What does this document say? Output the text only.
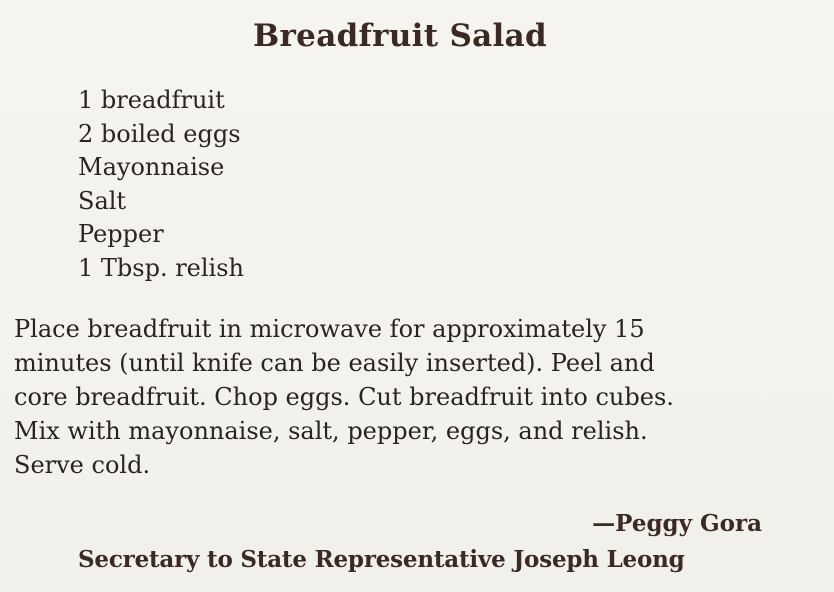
Breadfruit Salad
1 breadfruit
2 boiled eggs
Mayonnaise
Salt
Pepper
1 Tbsp. relish

Place breadfruit in microwave for approximately 15
minutes (until knife can be easily inserted). Peel and
core breadfruit. Chop eggs. Cut breadfruit into cubes.
Mix with mayonnaise, salt, pepper, eggs, and relish.
Serve cold.

—Peggy Gora
Secretary to State Representative Joseph Leong
